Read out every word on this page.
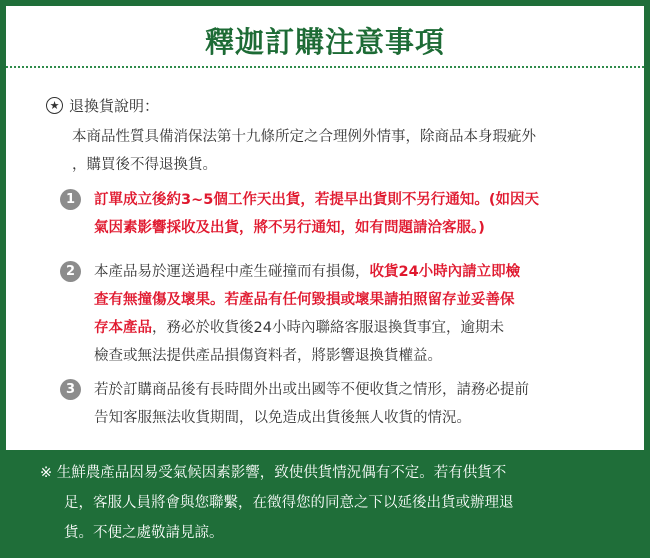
釋迦訂購注意事項
★ 退換貨說明：
本商品性質具備消保法第十九條所定之合理例外情事，除商品本身瑕疵外
，購買後不得退換貨。
1	訂單成立後約3~5個工作天出貨，若提早出貨則不另行通知。(如因天
氣因素影響採收及出貨，將不另行通知，如有問題請洽客服。)
2	本產品易於運送過程中產生碰撞而有損傷，收貨24小時內請立即檢
查有無撞傷及壞果。若產品有任何毀損或壞果請拍照留存並妥善保
存本產品，務必於收貨後24小時內聯絡客服退換貨事宜，逾期未
檢查或無法提供產品損傷資料者，將影響退換貨權益。
3	若於訂購商品後有長時間外出或出國等不便收貨之情形，請務必提前
告知客服無法收貨期間，以免造成出貨後無人收貨的情況。
※ 生鮮農產品因易受氣候因素影響，致使供貨情況偶有不定。若有供貨不
足，客服人員將會與您聯繫，在徵得您的同意之下以延後出貨或辦理退
貨。不便之處敬請見諒。
